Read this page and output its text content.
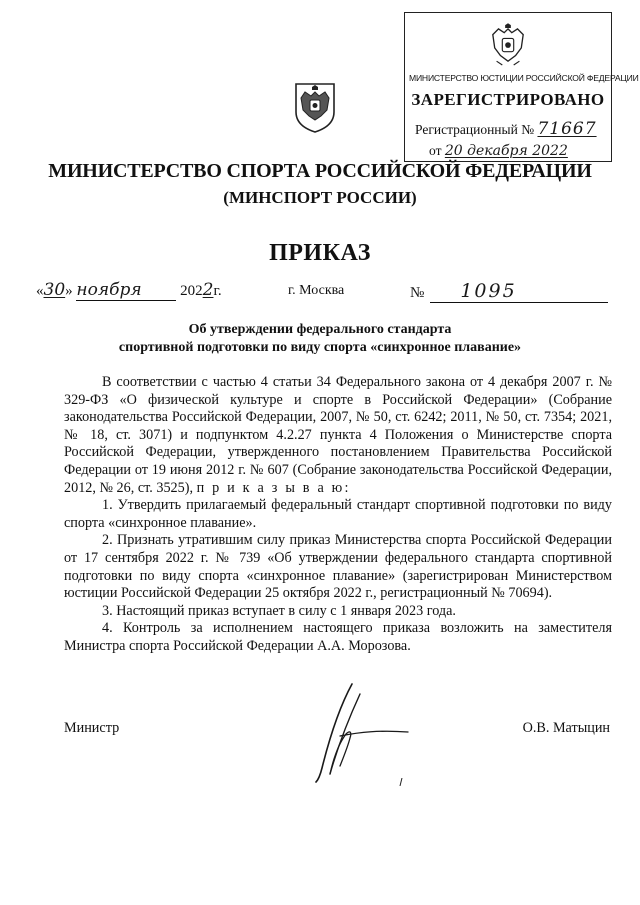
МИНИСТЕРСТВО ЮСТИЦИИ РОССИЙСКОЙ ФЕДЕРАЦИИ
ЗАРЕГИСТРИРОВАНО
Регистрационный № 71667
от 20 декабря 2022
МИНИСТЕРСТВО СПОРТА РОССИЙСКОЙ ФЕДЕРАЦИИ
(МИНСПОРТ РОССИИ)
ПРИКАЗ
«30» ноября	2022г.	г. Москва	№ 1095
Об утверждении федерального стандарта
спортивной подготовки по виду спорта «синхронное плавание»

В соответствии с частью 4 статьи 34 Федерального закона от 4 декабря 2007 г. № 329-ФЗ «О физической культуре и спорте в Российской Федерации» (Собрание законодательства Российской Федерации, 2007, № 50, ст. 6242; 2011, № 50, ст. 7354; 2021, № 18, ст. 3071) и подпунктом 4.2.27 пункта 4 Положения о Министерстве спорта Российской Федерации, утвержденного постановлением Правительства Российской Федерации от 19 июня 2012 г. № 607 (Собрание законодательства Российской Федерации, 2012, № 26, ст. 3525), п р и к а з ы в а ю:

1. Утвердить прилагаемый федеральный стандарт спортивной подготовки по виду спорта «синхронное плавание».

2. Признать утратившим силу приказ Министерства спорта Российской Федерации от 17 сентября 2022 г. № 739 «Об утверждении федерального стандарта спортивной подготовки по виду спорта «синхронное плавание» (зарегистрирован Министерством юстиции Российской Федерации 25 октября 2022 г., регистрационный № 70694).

3. Настоящий приказ вступает в силу с 1 января 2023 года.

4. Контроль за исполнением настоящего приказа возложить на заместителя Министра спорта Российской Федерации А.А. Морозова.

Министр	О.В. Матыцин
